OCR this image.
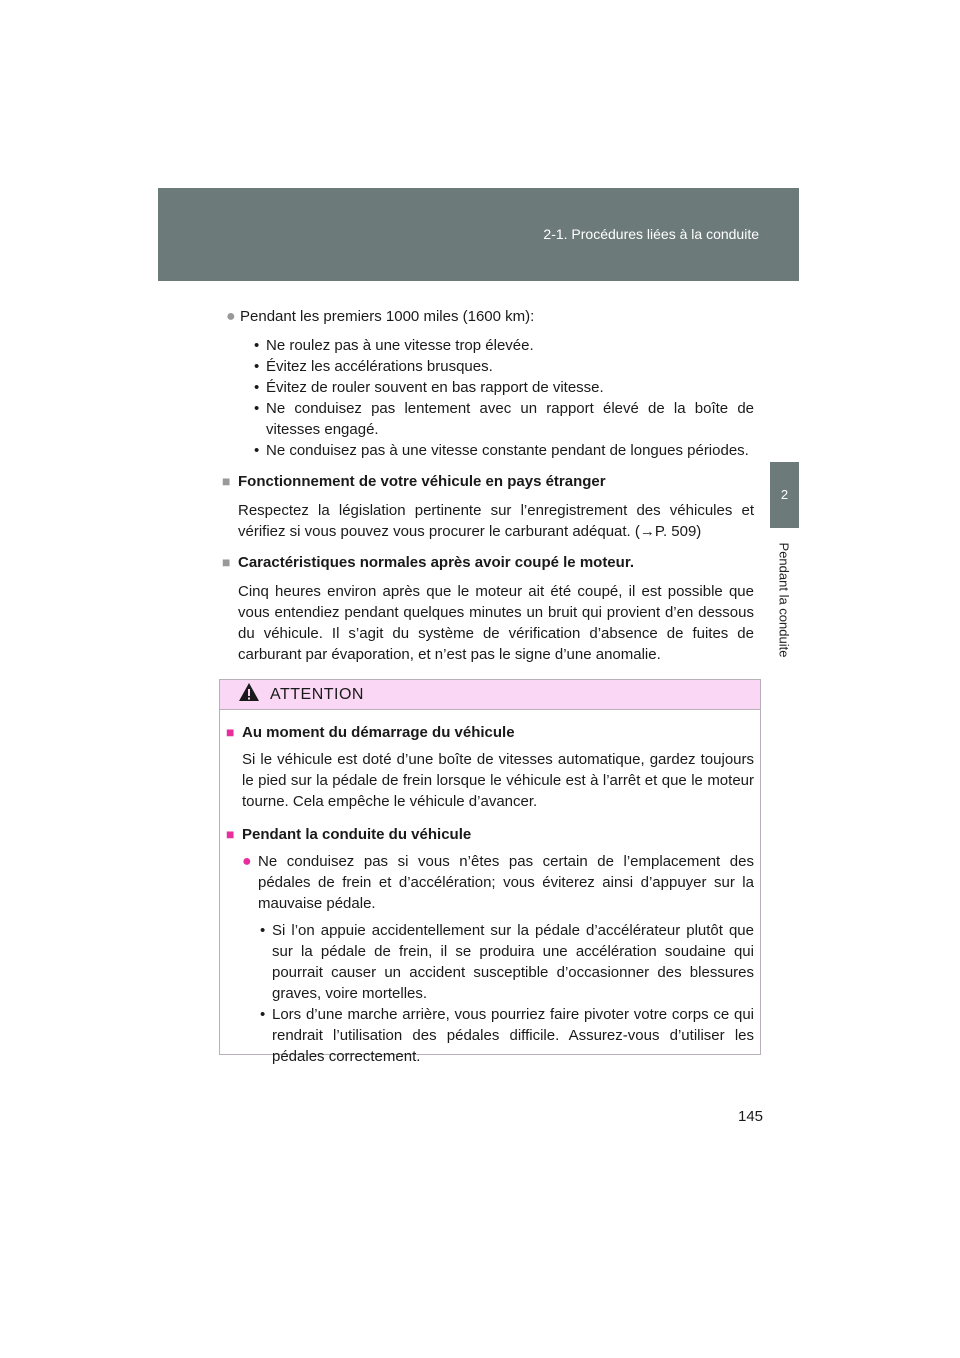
2-1. Procédures liées à la conduite
2
Pendant la conduite
● Pendant les premiers 1000 miles (1600 km):
• Ne roulez pas à une vitesse trop élevée.
• Évitez les accélérations brusques.
• Évitez de rouler souvent en bas rapport de vitesse.
• Ne conduisez pas lentement avec un rapport élevé de la boîte de vitesses engagé.
• Ne conduisez pas à une vitesse constante pendant de longues périodes.
■ Fonctionnement de votre véhicule en pays étranger
Respectez la législation pertinente sur l’enregistrement des véhicules et vérifiez si vous pouvez vous procurer le carburant adéquat. (→P. 509)
■ Caractéristiques normales après avoir coupé le moteur.
Cinq heures environ après que le moteur ait été coupé, il est possible que vous entendiez pendant quelques minutes un bruit qui provient d’en dessous du véhicule. Il s’agit du système de vérification d’absence de fuites de carburant par évaporation, et n’est pas le signe d’une anomalie.
ATTENTION
■ Au moment du démarrage du véhicule
Si le véhicule est doté d’une boîte de vitesses automatique, gardez toujours le pied sur la pédale de frein lorsque le véhicule est à l’arrêt et que le moteur tourne. Cela empêche le véhicule d’avancer.
■ Pendant la conduite du véhicule
● Ne conduisez pas si vous n’êtes pas certain de l’emplacement des pédales de frein et d’accélération; vous éviterez ainsi d’appuyer sur la mauvaise pédale.
• Si l’on appuie accidentellement sur la pédale d’accélérateur plutôt que sur la pédale de frein, il se produira une accélération soudaine qui pourrait causer un accident susceptible d’occasionner des blessures graves, voire mortelles.
• Lors d’une marche arrière, vous pourriez faire pivoter votre corps ce qui rendrait l’utilisation des pédales difficile. Assurez-vous d’utiliser les pédales correctement.
145
